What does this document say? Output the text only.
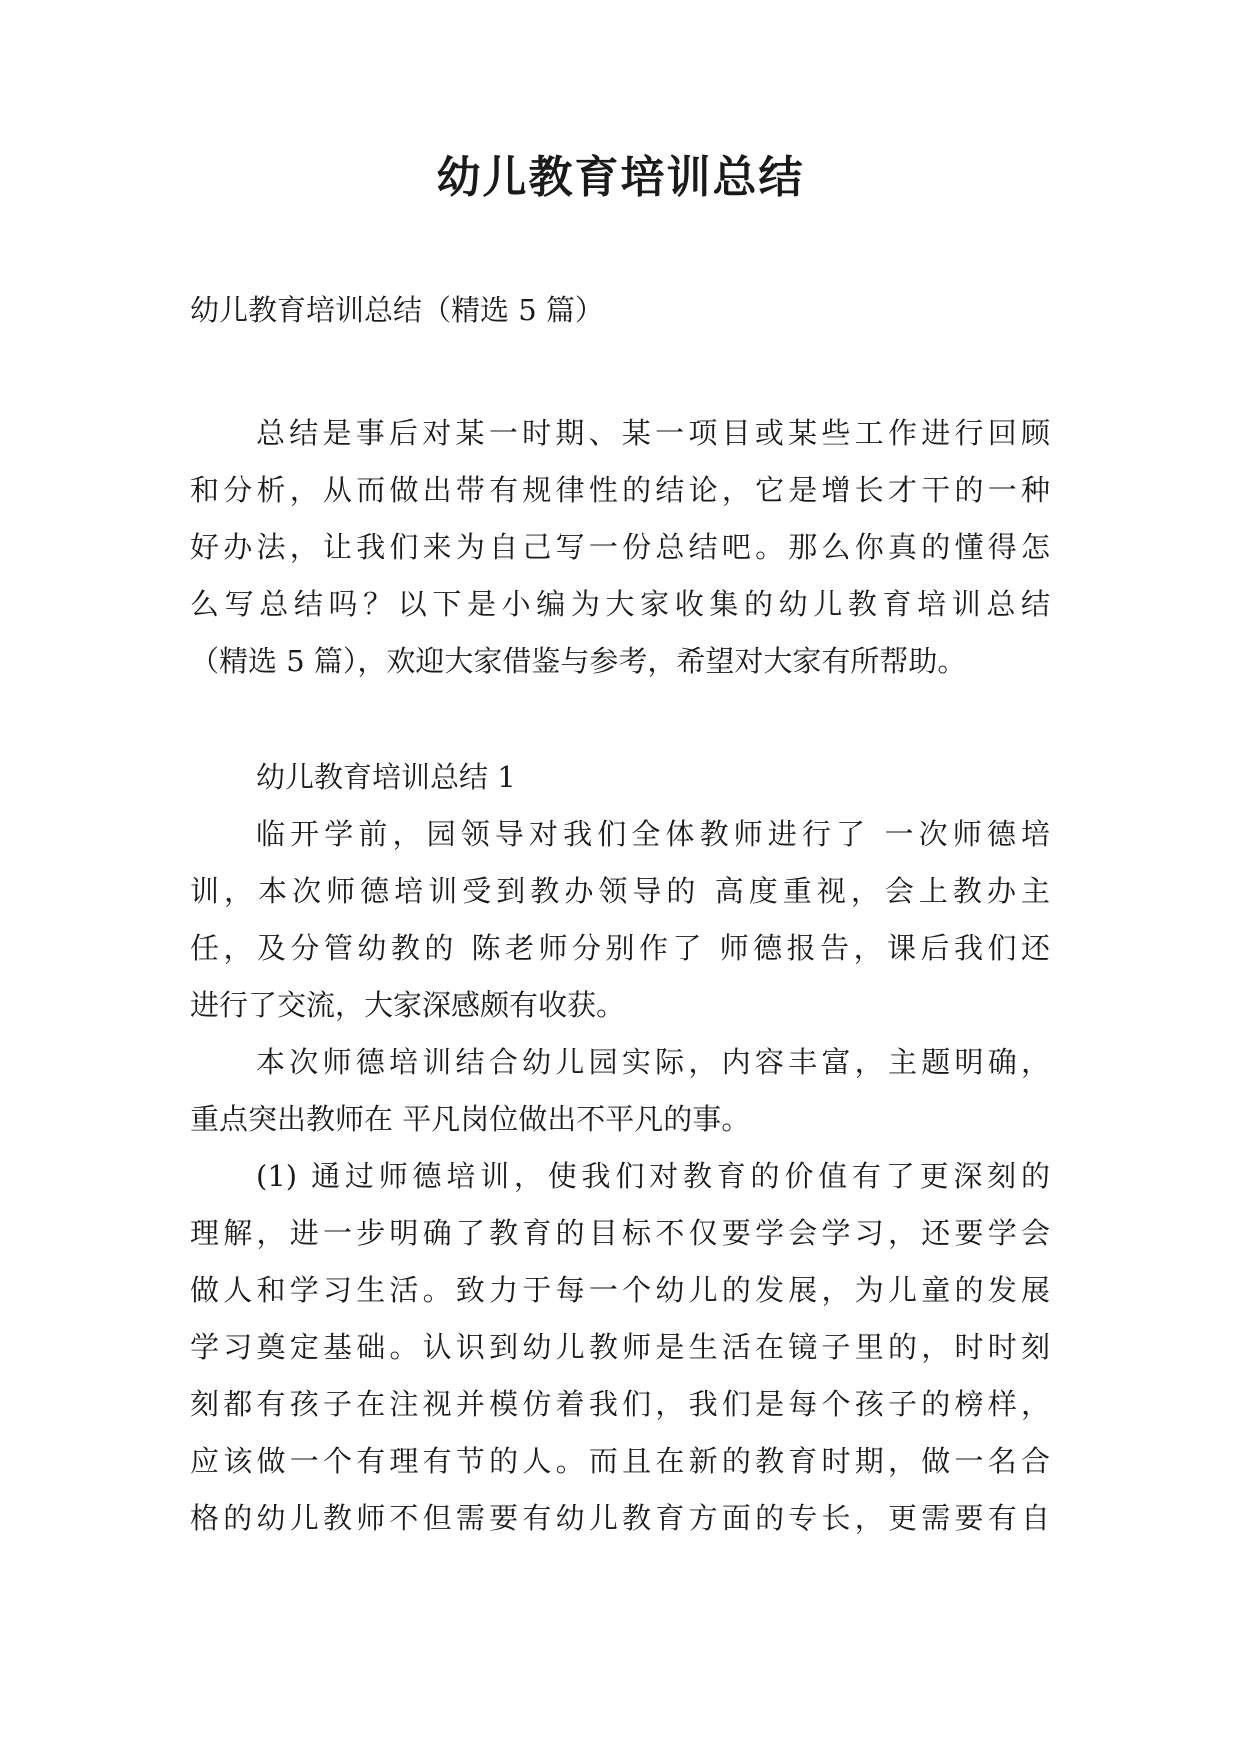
幼儿教育培训总结

幼儿教育培训总结（精选 5 篇）

总结是事后对某一时期、某一项目或某些工作进行回顾
和分析，从而做出带有规律性的结论，它是增长才干的一种
好办法，让我们来为自己写一份总结吧。那么你真的懂得怎
么写总结吗？以下是小编为大家收集的幼儿教育培训总结
（精选 5 篇），欢迎大家借鉴与参考，希望对大家有所帮助。
幼儿教育培训总结 1
临开学前，园领导对我们全体教师进行了 一次师德培
训，本次师德培训受到教办领导的 高度重视，会上教办主
任，及分管幼教的 陈老师分别作了 师德报告，课后我们还
进行了交流，大家深感颇有收获。
本次师德培训结合幼儿园实际，内容丰富，主题明确，
重点突出教师在 平凡岗位做出不平凡的事。
(1) 通过师德培训，使我们对教育的价值有了更深刻的
理解，进一步明确了教育的目标不仅要学会学习，还要学会
做人和学习生活。致力于每一个幼儿的发展，为儿童的发展
学习奠定基础。认识到幼儿教师是生活在镜子里的，时时刻
刻都有孩子在注视并模仿着我们，我们是每个孩子的榜样，
应该做一个有理有节的人。而且在新的教育时期，做一名合
格的幼儿教师不但需要有幼儿教育方面的专长，更需要有自
